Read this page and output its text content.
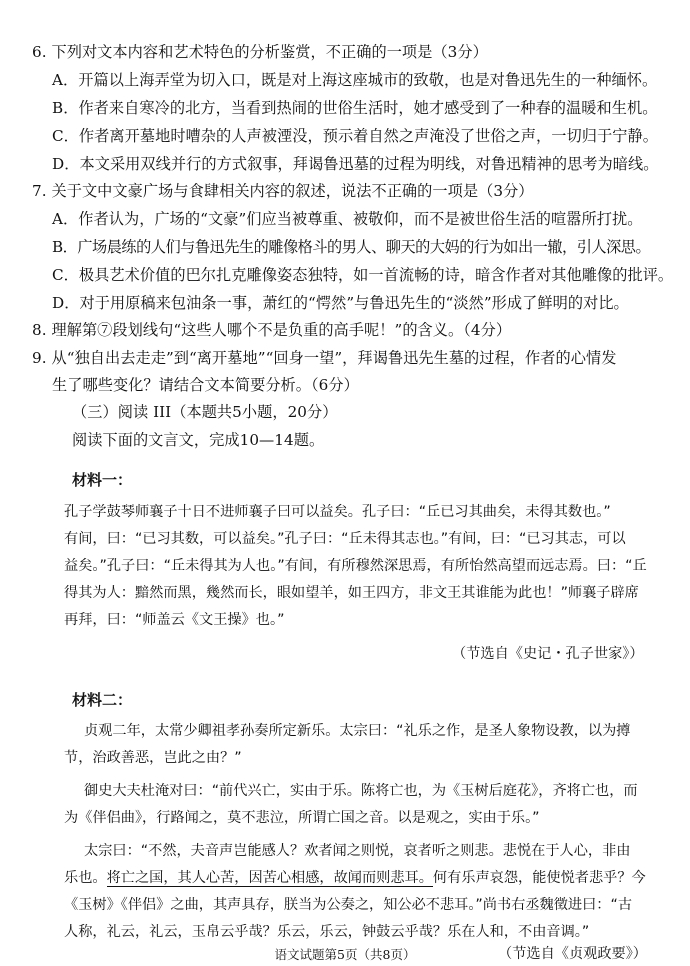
6. 下列对文本内容和艺术特色的分析鉴赏，不正确的一项是（3分）
A．开篇以上海弄堂为切入口，既是对上海这座城市的致敬，也是对鲁迅先生的一种缅怀。
B．作者来自寒冷的北方，当看到热闹的世俗生活时，她才感受到了一种春的温暖和生机。
C．作者离开墓地时嘈杂的人声被湮没，预示着自然之声淹没了世俗之声，一切归于宁静。
D．本文采用双线并行的方式叙事，拜谒鲁迅墓的过程为明线，对鲁迅精神的思考为暗线。
7. 关于文中文豪广场与食肆相关内容的叙述，说法不正确的一项是（3分）
A．作者认为，广场的“文豪”们应当被尊重、被敬仰，而不是被世俗生活的喧嚣所打扰。
B．广场晨练的人们与鲁迅先生的雕像格斗的男人、聊天的大妈的行为如出一辙，引人深思。
C．极具艺术价值的巴尔扎克雕像姿态独特，如一首流畅的诗，暗含作者对其他雕像的批评。
D．对于用原稿来包油条一事，萧红的“愕然”与鲁迅先生的“淡然”形成了鲜明的对比。
8. 理解第⑦段划线句“这些人哪个不是负重的高手呢！”的含义。（4分）
9. 从“独自出去走走”到“离开墓地”“回身一望”，拜谒鲁迅先生墓的过程，作者的心情发
生了哪些变化？请结合文本简要分析。（6分）
（三）阅读 III（本题共5小题，20分）
阅读下面的文言文，完成10—14题。
材料一：
孔子学鼓琴师襄子十日不进师襄子曰可以益矣。孔子曰：“丘已习其曲矣，未得其数也。”
有间，曰：“已习其数，可以益矣。”孔子曰：“丘未得其志也。”有间，曰：“已习其志，可以
益矣。”孔子曰：“丘未得其为人也。”有间，有所穆然深思焉，有所怡然高望而远志焉。曰：“丘
得其为人：黯然而黑，幾然而长，眼如望羊，如王四方，非文王其谁能为此也！”师襄子辟席
再拜，曰：“师盖云《文王操》也。”
（节选自《史记・孔子世家》）
材料二：
贞观二年，太常少卿祖孝孙奏所定新乐。太宗曰：“礼乐之作，是圣人象物设教，以为撙
节，治政善恶，岂此之由？”
御史大夫杜淹对曰：“前代兴亡，实由于乐。陈将亡也，为《玉树后庭花》，齐将亡也，而
为《伴侣曲》，行路闻之，莫不悲泣，所谓亡国之音。以是观之，实由于乐。”
太宗曰：“不然，夫音声岂能感人？欢者闻之则悦，哀者听之则悲。悲悦在于人心，非由
乐也。将亡之国，其人心苦，因苦心相感，故闻而则悲耳。何有乐声哀怨，能使悦者悲乎？今
《玉树》《伴侣》之曲，其声具存，朕当为公奏之，知公必不悲耳。”尚书右丞魏徵进曰：“古
人称，礼云，礼云，玉帛云乎哉？乐云，乐云，钟鼓云乎哉？乐在人和，不由音调。”
（节选自《贞观政要》）
语文试题第5页（共8页）
